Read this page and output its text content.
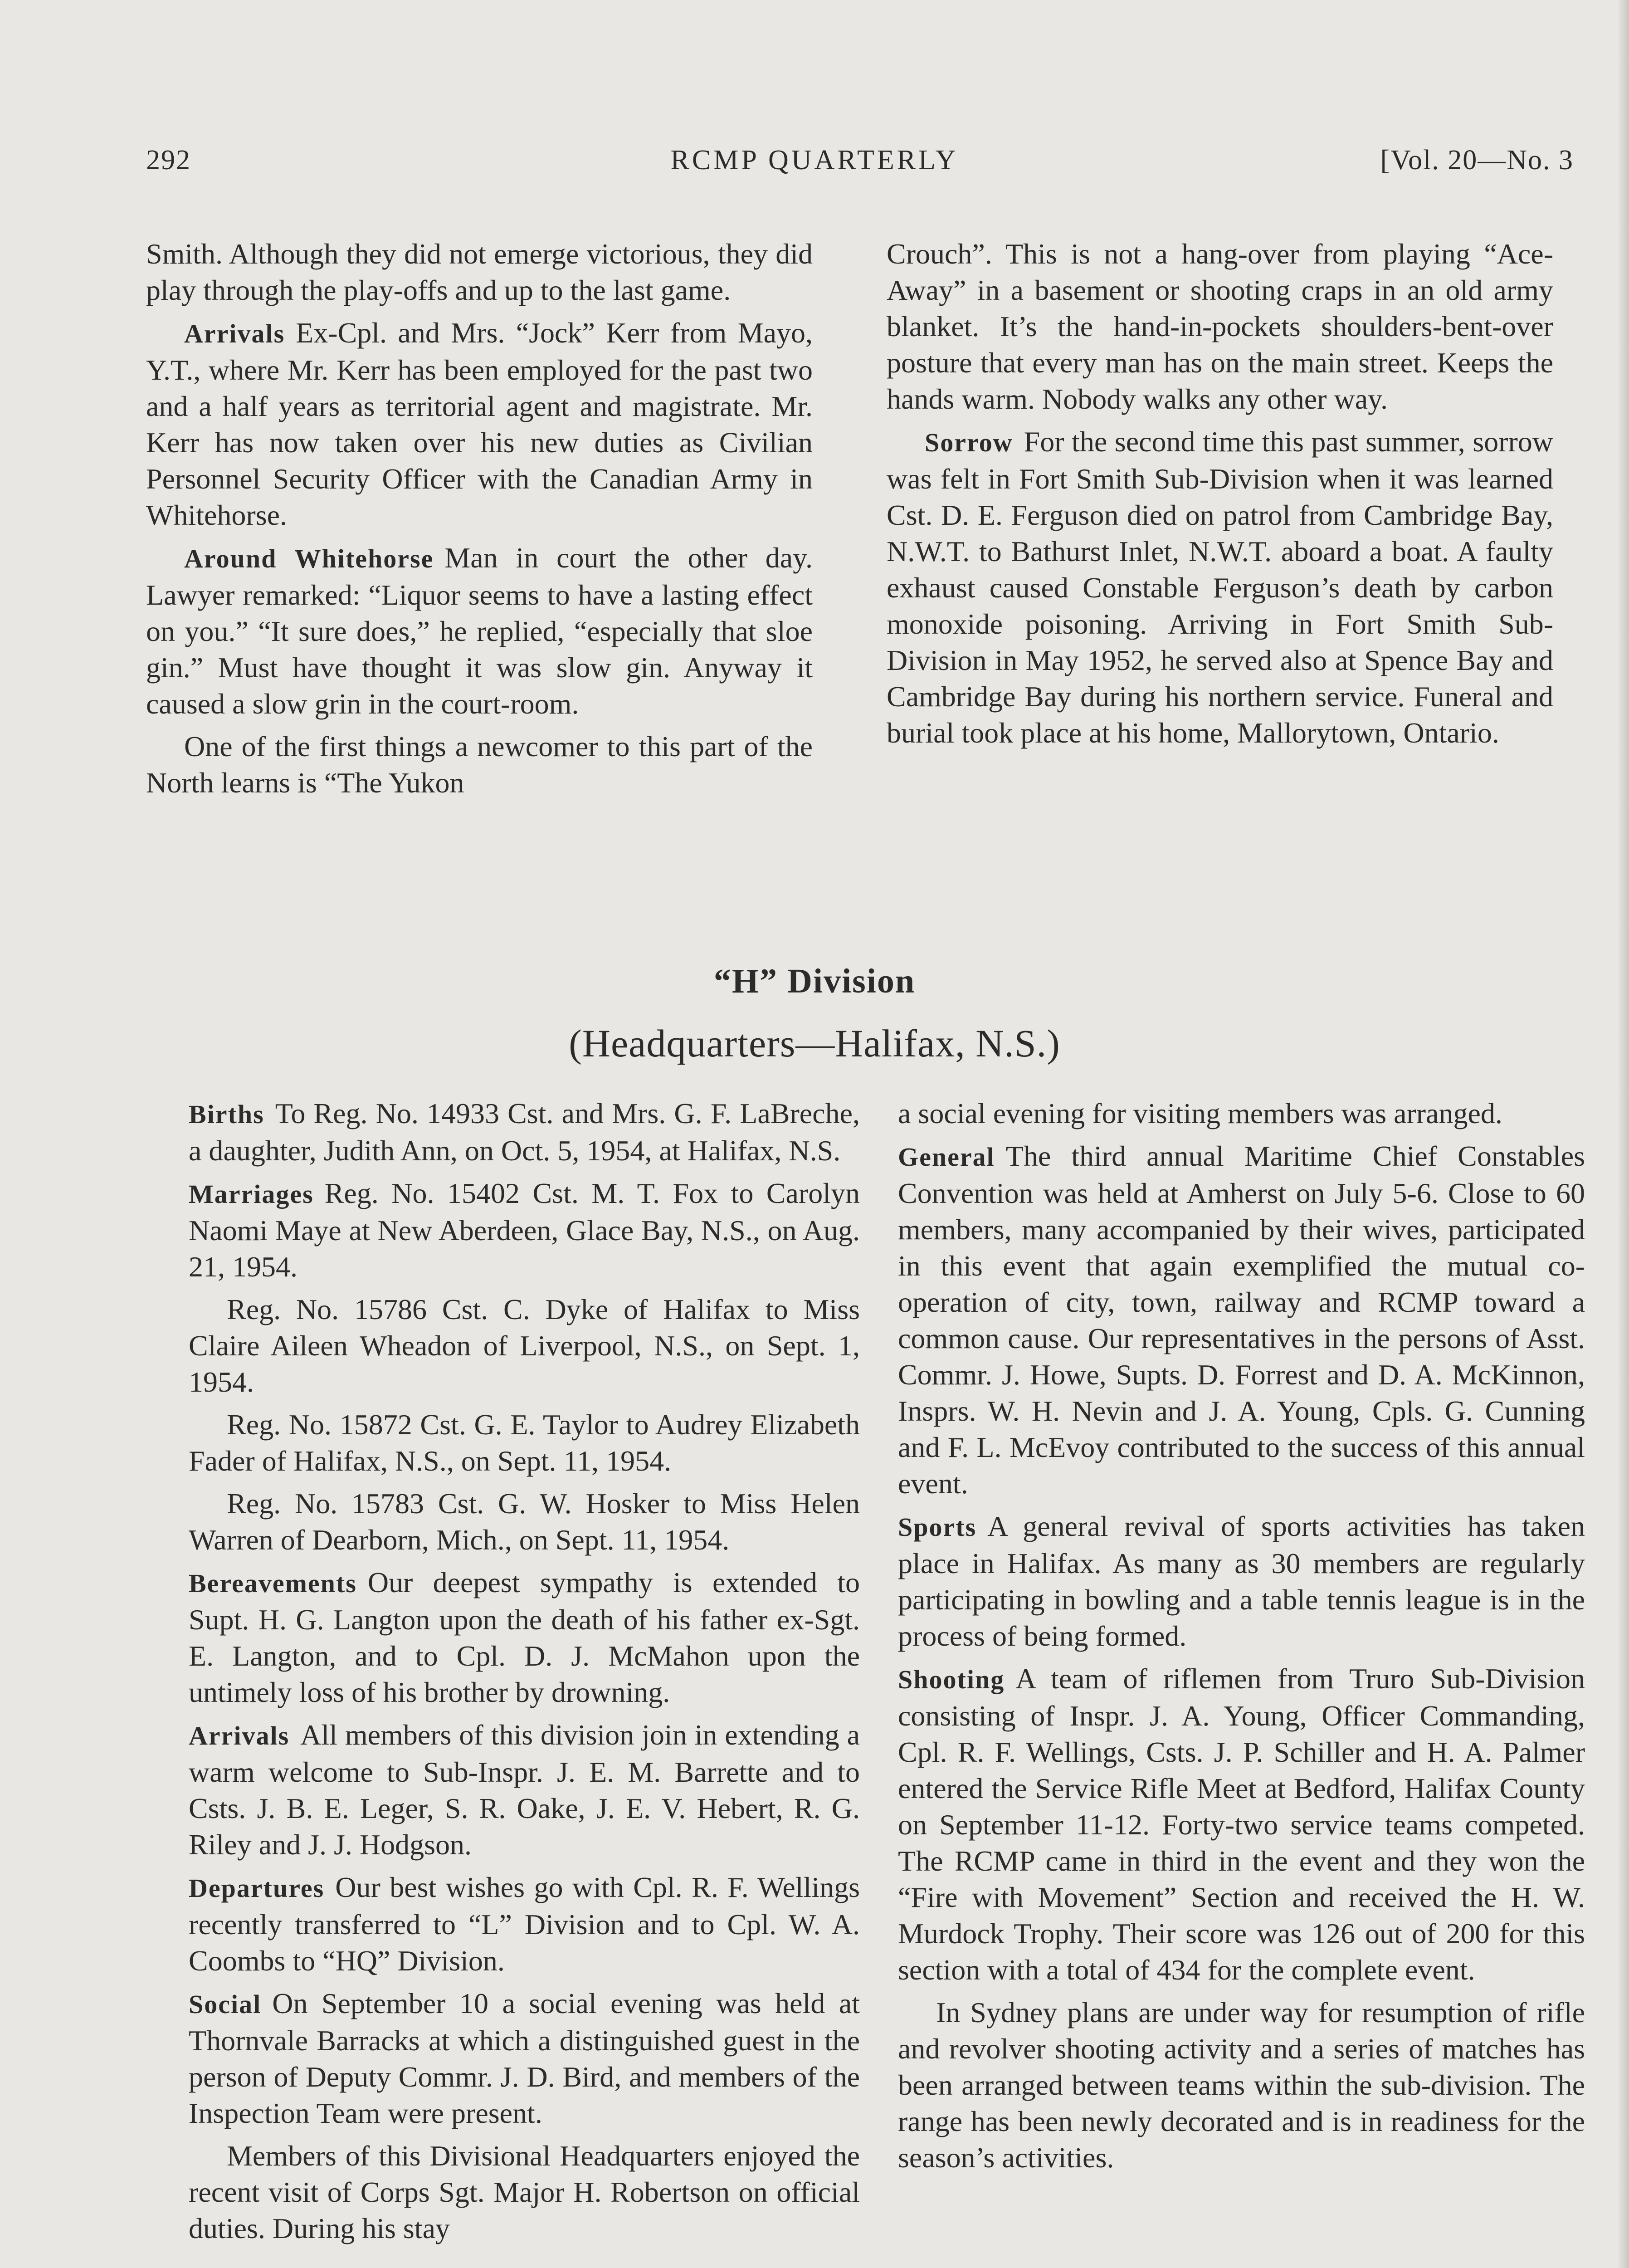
292	RCMP QUARTERLY	[Vol. 20—No. 3

Smith. Although they did not emerge victorious, they did play through the play-offs and up to the last game.

Arrivals Ex-Cpl. and Mrs. “Jock” Kerr from Mayo, Y.T., where Mr. Kerr has been employed for the past two and a half years as territorial agent and magistrate. Mr. Kerr has now taken over his new duties as Civilian Personnel Security Officer with the Canadian Army in Whitehorse.

Around Whitehorse Man in court the other day. Lawyer remarked: “Liquor seems to have a lasting effect on you.” “It sure does,” he replied, “especially that sloe gin.” Must have thought it was slow gin. Anyway it caused a slow grin in the court-room.

One of the first things a newcomer to this part of the North learns is “The Yukon

Crouch”. This is not a hang-over from playing “Ace-Away” in a basement or shooting craps in an old army blanket. It’s the hand-in-pockets shoulders-bent-over posture that every man has on the main street. Keeps the hands warm. Nobody walks any other way.

Sorrow For the second time this past summer, sorrow was felt in Fort Smith Sub-Division when it was learned Cst. D. E. Ferguson died on patrol from Cambridge Bay, N.W.T. to Bathurst Inlet, N.W.T. aboard a boat. A faulty exhaust caused Constable Ferguson’s death by carbon monoxide poisoning. Arriving in Fort Smith Sub-Division in May 1952, he served also at Spence Bay and Cambridge Bay during his northern service. Funeral and burial took place at his home, Mallorytown, Ontario.

“H” Division
(Headquarters—Halifax, N.S.)

Births To Reg. No. 14933 Cst. and Mrs. G. F. LaBreche, a daughter, Judith Ann, on Oct. 5, 1954, at Halifax, N.S.

Marriages Reg. No. 15402 Cst. M. T. Fox to Carolyn Naomi Maye at New Aberdeen, Glace Bay, N.S., on Aug. 21, 1954.

Reg. No. 15786 Cst. C. Dyke of Halifax to Miss Claire Aileen Wheadon of Liverpool, N.S., on Sept. 1, 1954.

Reg. No. 15872 Cst. G. E. Taylor to Audrey Elizabeth Fader of Halifax, N.S., on Sept. 11, 1954.

Reg. No. 15783 Cst. G. W. Hosker to Miss Helen Warren of Dearborn, Mich., on Sept. 11, 1954.

Bereavements Our deepest sympathy is extended to Supt. H. G. Langton upon the death of his father ex-Sgt. E. Langton, and to Cpl. D. J. McMahon upon the untimely loss of his brother by drowning.

Arrivals All members of this division join in extending a warm welcome to Sub-Inspr. J. E. M. Barrette and to Csts. J. B. E. Leger, S. R. Oake, J. E. V. Hebert, R. G. Riley and J. J. Hodgson.

Departures Our best wishes go with Cpl. R. F. Wellings recently transferred to “L” Division and to Cpl. W. A. Coombs to “HQ” Division.

Social On September 10 a social evening was held at Thornvale Barracks at which a distinguished guest in the person of Deputy Commr. J. D. Bird, and members of the Inspection Team were present.

Members of this Divisional Headquarters enjoyed the recent visit of Corps Sgt. Major H. Robertson on official duties. During his stay

a social evening for visiting members was arranged.

General The third annual Maritime Chief Constables Convention was held at Amherst on July 5-6. Close to 60 members, many accompanied by their wives, participated in this event that again exemplified the mutual co-operation of city, town, railway and RCMP toward a common cause. Our representatives in the persons of Asst. Commr. J. Howe, Supts. D. Forrest and D. A. McKinnon, Insprs. W. H. Nevin and J. A. Young, Cpls. G. Cunning and F. L. McEvoy contributed to the success of this annual event.

Sports A general revival of sports activities has taken place in Halifax. As many as 30 members are regularly participating in bowling and a table tennis league is in the process of being formed.

Shooting A team of riflemen from Truro Sub-Division consisting of Inspr. J. A. Young, Officer Commanding, Cpl. R. F. Wellings, Csts. J. P. Schiller and H. A. Palmer entered the Service Rifle Meet at Bedford, Halifax County on September 11-12. Forty-two service teams competed. The RCMP came in third in the event and they won the “Fire with Movement” Section and received the H. W. Murdock Trophy. Their score was 126 out of 200 for this section with a total of 434 for the complete event.

In Sydney plans are under way for resumption of rifle and revolver shooting activity and a series of matches has been arranged between teams within the sub-division. The range has been newly decorated and is in readiness for the season’s activities.
